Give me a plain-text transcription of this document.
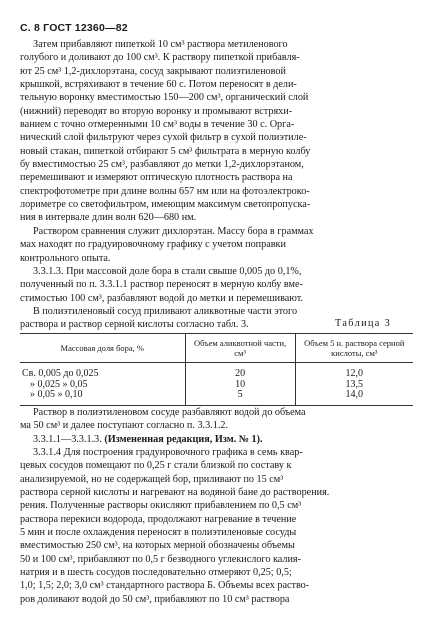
С. 8 ГОСТ 12360—82
Затем прибавляют пипеткой 10 см³ раствора метиленового
голубого и доливают до 100 см³. К раствору пипеткой прибавля-
ют 25 см³ 1,2-дихлорэтана, сосуд закрывают полиэтиленовой
крышкой, встряхивают в течение 60 с. Потом переносят в дели-
тельную воронку вместимостью 150—200 см³, органический слой
(нижний) переводят во вторую воронку и промывают встряхи-
ванием с точно отмеренными 10 см³ воды в течение 30 с. Орга-
нический слой фильтруют через сухой фильтр в сухой полиэтиле-
новый стакан, пипеткой отбирают 5 см³ фильтрата в мерную колбу
бу вместимостью 25 см³, разбавляют до метки 1,2-дихлорэтаном,
перемешивают и измеряют оптическую плотность раствора на
спектрофотометре при длине волны 657 нм или на фотоэлектроко-
лориметре со светофильтром, имеющим максимум светопропуска-
ния в интервале длин волн 620—680 нм.
Раствором сравнения служит дихлорэтан. Массу бора в граммах
мах находят по градуировочному графику с учетом поправки
контрольного опыта.
3.3.1.3. При массовой доле бора в стали свыше 0,005 до 0,1%,
полученный по п. 3.3.1.1 раствор переносят в мерную колбу вме-
стимостью 100 см³, разбавляют водой до метки и перемешивают.
В полиэтиленовый сосуд приливают аликвотные части этого
раствора и раствор серной кислоты согласно табл. 3.	Таблица 3
Массовая доля бора, %	Объем аликвотной части, см³	Объем 5 н. раствора серной кислоты, см³
Св. 0,005 до 0,025	20	12,0
» 0,025 » 0,05	10	13,5
» 0,05 » 0,10	5	14,0
Раствор в полиэтиленовом сосуде разбавляют водой до объема
ма 50 см³ и далее поступают согласно п. 3.3.1.2.
3.3.1.1—3.3.1.3. (Измененная редакция, Изм. № 1).
3.3.1.4 Для построения градуировочного графика в семь квар-
цевых сосудов помещают по 0,25 г стали близкой по составу к
анализируемой, но не содержащей бор, приливают по 15 см³
раствора серной кислоты и нагревают на водяной бане до растворения.
рения. Полученные растворы окисляют прибавлением по 0,5 см³
раствора перекиси водорода, продолжают нагревание в течение
5 мин и после охлаждения переносят в полиэтиленовые сосуды
вместимостью 250 см³, на которых мерной обозначены объемы
50 и 100 см³, прибавляют по 0,5 г безводного углекислого калия-
натрия и в шесть сосудов последовательно отмеряют 0,25; 0,5;
1,0; 1,5; 2,0; 3,0 см³ стандартного раствора Б. Объемы всех раство-
ров доливают водой до 50 см³, прибавляют по 10 см³ раствора
